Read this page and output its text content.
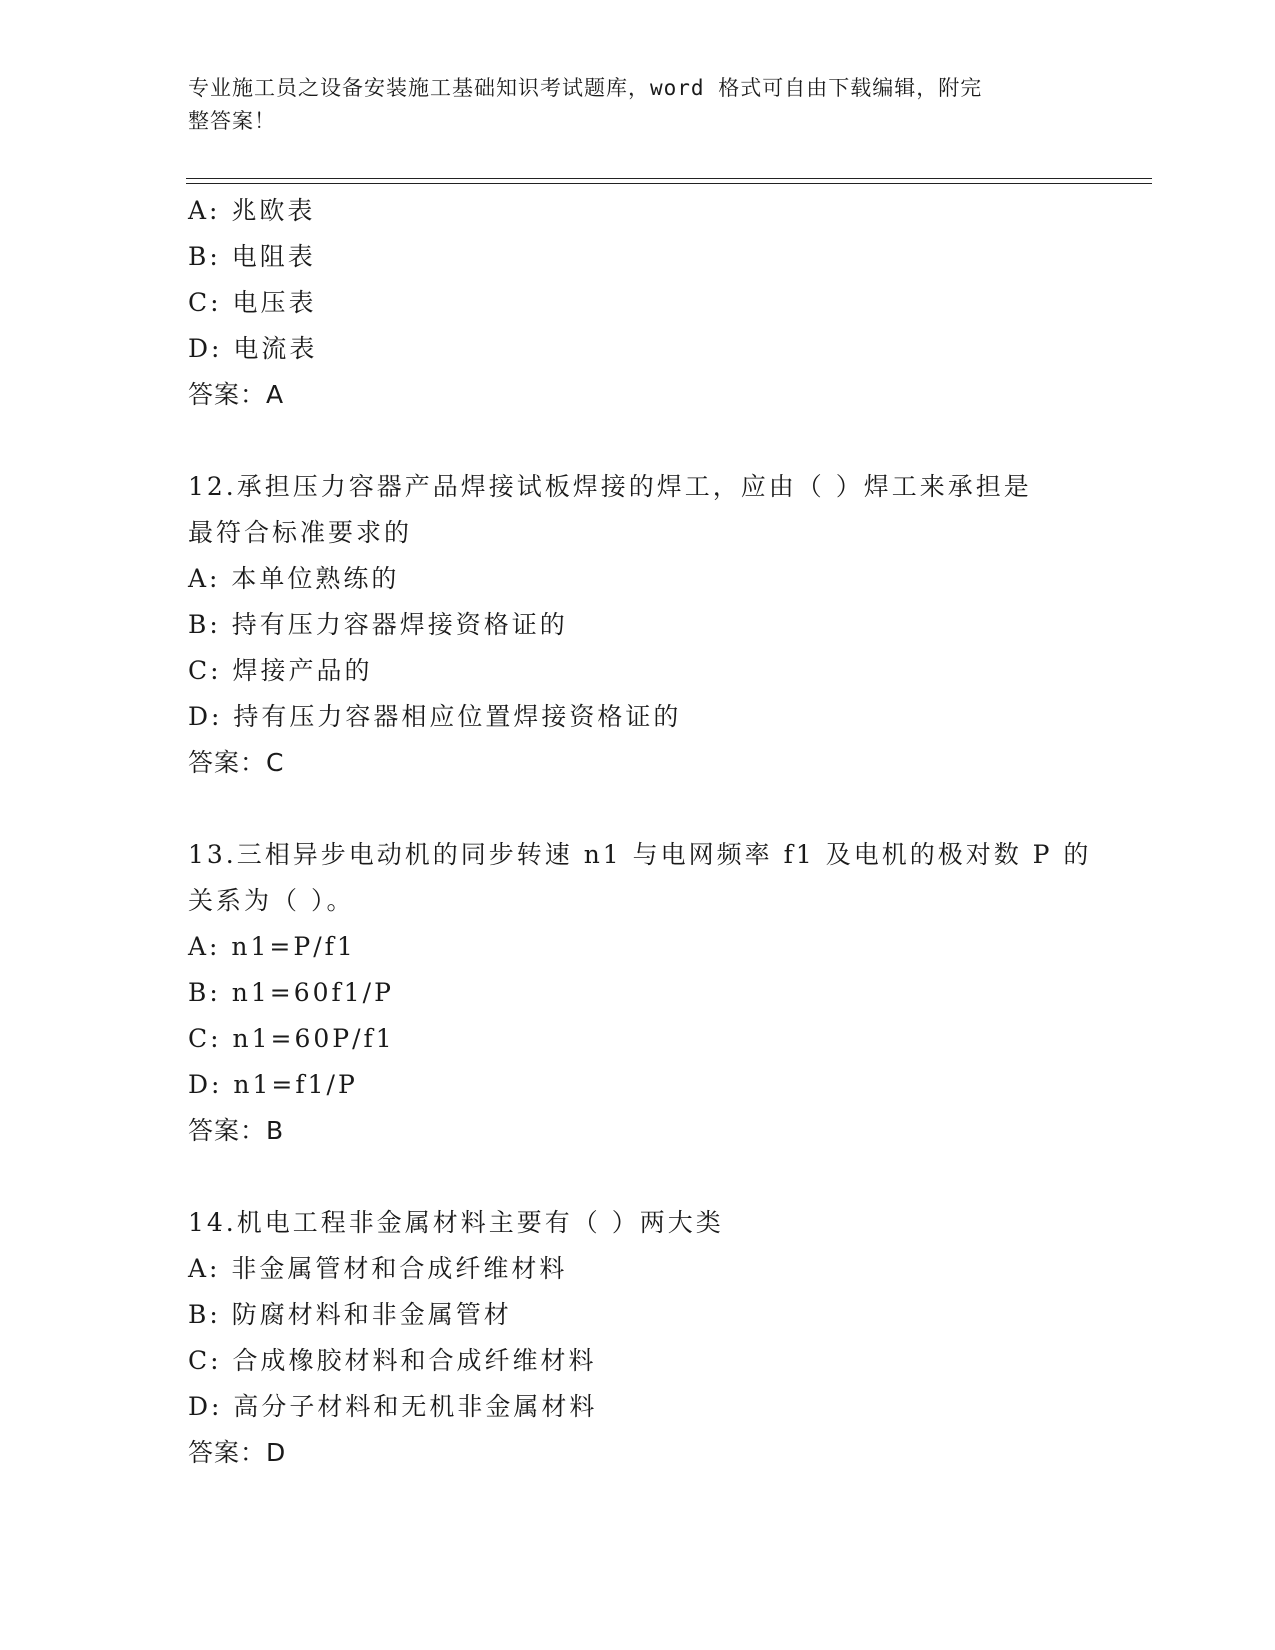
专业施工员之设备安装施工基础知识考试题库，word 格式可自由下载编辑，附完
整答案！
A: 兆欧表
B: 电阻表
C: 电压表
D: 电流表
答案：A
12.承担压力容器产品焊接试板焊接的焊工，应由（ ）焊工来承担是
最符合标准要求的
A: 本单位熟练的
B: 持有压力容器焊接资格证的
C: 焊接产品的
D: 持有压力容器相应位置焊接资格证的
答案：C
13.三相异步电动机的同步转速 n1 与电网频率 f1 及电机的极对数 P 的
关系为（ ）。
A: n1=P/f1
B: n1=60f1/P
C: n1=60P/f1
D: n1=f1/P
答案：B
14.机电工程非金属材料主要有（ ）两大类
A: 非金属管材和合成纤维材料
B: 防腐材料和非金属管材
C: 合成橡胶材料和合成纤维材料
D: 高分子材料和无机非金属材料
答案：D
